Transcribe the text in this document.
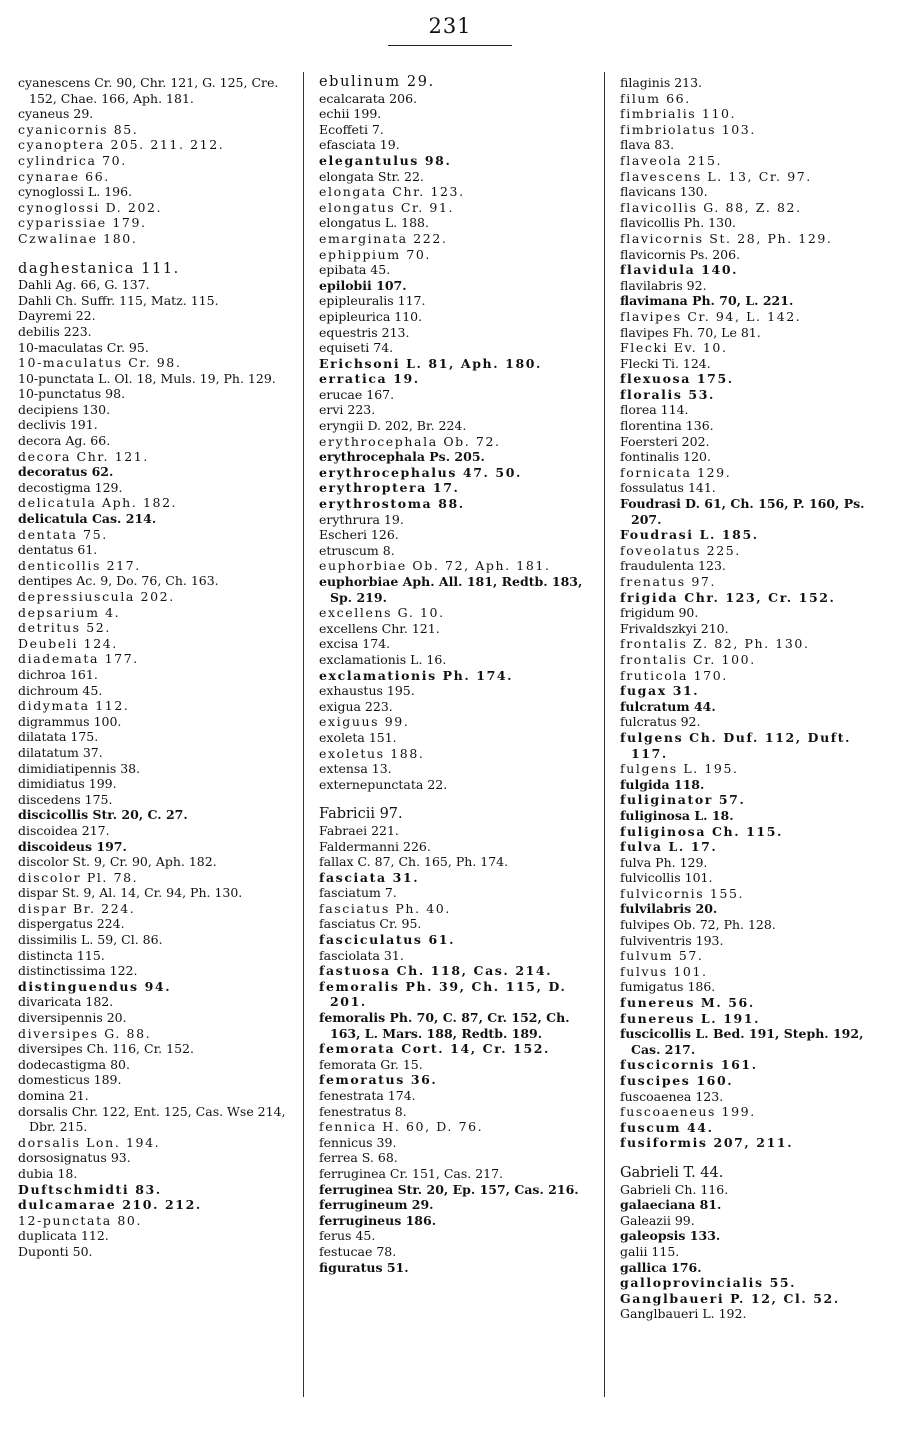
231
cyanescens Cr. 90, Chr. 121, G. 125, Cre. 152, Chae. 166, Aph. 181.
cyaneus 29.
cyanicornis 85.
cyanoptera 205. 211. 212.
cylindrica 70.
cynarae 66.
cynoglossi L. 196.
cynoglossi D. 202.
cyparissiae 179.
Czwalinae 180.
daghestanica 111.
Dahli Ag. 66, G. 137.
Dahli Ch. Suffr. 115, Matz. 115.
Dayremi 22.
debilis 223.
10-maculatas Cr. 95.
10-maculatus Cr. 98.
10-punctata L. Ol. 18, Muls. 19, Ph. 129.
10-punctatus 98.
decipiens 130.
declivis 191.
decora Ag. 66.
decora Chr. 121.
decoratus 62.
decostigma 129.
delicatula Aph. 182.
delicatula Cas. 214.
dentata 75.
dentatus 61.
denticollis 217.
dentipes Ac. 9, Do. 76, Ch. 163.
depressiuscula 202.
depsarium 4.
detritus 52.
Deubeli 124.
diademata 177.
dichroa 161.
dichroum 45.
didymata 112.
digrammus 100.
dilatata 175.
dilatatum 37.
dimidiatipennis 38.
dimidiatus 199.
discedens 175.
discicollis Str. 20, C. 27.
discoidea 217.
discoideus 197.
discolor St. 9, Cr. 90, Aph. 182.
discolor Pl. 78.
dispar St. 9, Al. 14, Cr. 94, Ph. 130.
dispar Br. 224.
dispergatus 224.
dissimilis L. 59, Cl. 86.
distincta 115.
distinctissima 122.
distinguendus 94.
divaricata 182.
diversipennis 20.
diversipes G. 88.
diversipes Ch. 116, Cr. 152.
dodecastigma 80.
domesticus 189.
domina 21.
dorsalis Chr. 122, Ent. 125, Cas. Wse 214, Dbr. 215.
dorsalis Lon. 194.
dorsosignatus 93.
dubia 18.
Duftschmidti 83.
dulcamarae 210. 212.
12-punctata 80.
duplicata 112.
Duponti 50.
ebulinum 29.
ecalcarata 206.
echii 199.
Ecoffeti 7.
efasciata 19.
elegantulus 98.
elongata Str. 22.
elongata Chr. 123.
elongatus Cr. 91.
elongatus L. 188.
emarginata 222.
ephippium 70.
epibata 45.
epilobii 107.
epipleuralis 117.
epipleurica 110.
equestris 213.
equiseti 74.
Erichsoni L. 81, Aph. 180.
erratica 19.
erucae 167.
ervi 223.
eryngii D. 202, Br. 224.
erythrocephala Ob. 72.
erythrocephala Ps. 205.
erythrocephalus 47. 50.
erythroptera 17.
erythrostoma 88.
erythrura 19.
Escheri 126.
etruscum 8.
euphorbiae Ob. 72, Aph. 181.
euphorbiae Aph. All. 181, Redtb. 183, Sp. 219.
excellens G. 10.
excellens Chr. 121.
excisa 174.
exclamationis L. 16.
exclamationis Ph. 174.
exhaustus 195.
exigua 223.
exiguus 99.
exoleta 151.
exoletus 188.
extensa 13.
externepunctata 22.
Fabricii 97.
Fabraei 221.
Faldermanni 226.
fallax C. 87, Ch. 165, Ph. 174.
fasciata 31.
fasciatum 7.
fasciatus Ph. 40.
fasciatus Cr. 95.
fasciculatus 61.
fasciolata 31.
fastuosa Ch. 118, Cas. 214.
femoralis Ph. 39, Ch. 115, D. 201.
femoralis Ph. 70, C. 87, Cr. 152, Ch. 163, L. Mars. 188, Redtb. 189.
femorata Cort. 14, Cr. 152.
femorata Gr. 15.
femoratus 36.
fenestrata 174.
fenestratus 8.
fennica H. 60, D. 76.
fennicus 39.
ferrea S. 68.
ferruginea Cr. 151, Cas. 217.
ferruginea Str. 20, Ep. 157, Cas. 216.
ferrugineum 29.
ferrugineus 186.
ferus 45.
festucae 78.
figuratus 51.
filaginis 213.
filum 66.
fimbrialis 110.
fimbriolatus 103.
flava 83.
flaveola 215.
flavescens L. 13, Cr. 97.
flavicans 130.
flavicollis G. 88, Z. 82.
flavicollis Ph. 130.
flavicornis St. 28, Ph. 129.
flavicornis Ps. 206.
flavidula 140.
flavilabris 92.
flavimana Ph. 70, L. 221.
flavipes Cr. 94, L. 142.
flavipes Fh. 70, Le 81.
Flecki Ev. 10.
Flecki Ti. 124.
flexuosa 175.
floralis 53.
florea 114.
florentina 136.
Foersteri 202.
fontinalis 120.
fornicata 129.
fossulatus 141.
Foudrasi D. 61, Ch. 156, P. 160, Ps. 207.
Foudrasi L. 185.
foveolatus 225.
fraudulenta 123.
frenatus 97.
frigida Chr. 123, Cr. 152.
frigidum 90.
Frivaldszkyi 210.
frontalis Z. 82, Ph. 130.
frontalis Cr. 100.
fruticola 170.
fugax 31.
fulcratum 44.
fulcratus 92.
fulgens Ch. Duf. 112, Duft. 117.
fulgens L. 195.
fulgida 118.
fuliginator 57.
fuliginosa L. 18.
fuliginosa Ch. 115.
fulva L. 17.
fulva Ph. 129.
fulvicollis 101.
fulvicornis 155.
fulvilabris 20.
fulvipes Ob. 72, Ph. 128.
fulviventris 193.
fulvum 57.
fulvus 101.
fumigatus 186.
funereus M. 56.
funereus L. 191.
fuscicollis L. Bed. 191, Steph. 192, Cas. 217.
fuscicornis 161.
fuscipes 160.
fuscoaenea 123.
fuscoaeneus 199.
fuscum 44.
fusiformis 207, 211.
Gabrieli T. 44.
Gabrieli Ch. 116.
galaeciana 81.
Galeazii 99.
galeopsis 133.
galii 115.
gallica 176.
galloprovincialis 55.
Ganglbaueri P. 12, Cl. 52.
Ganglbaueri L. 192.
